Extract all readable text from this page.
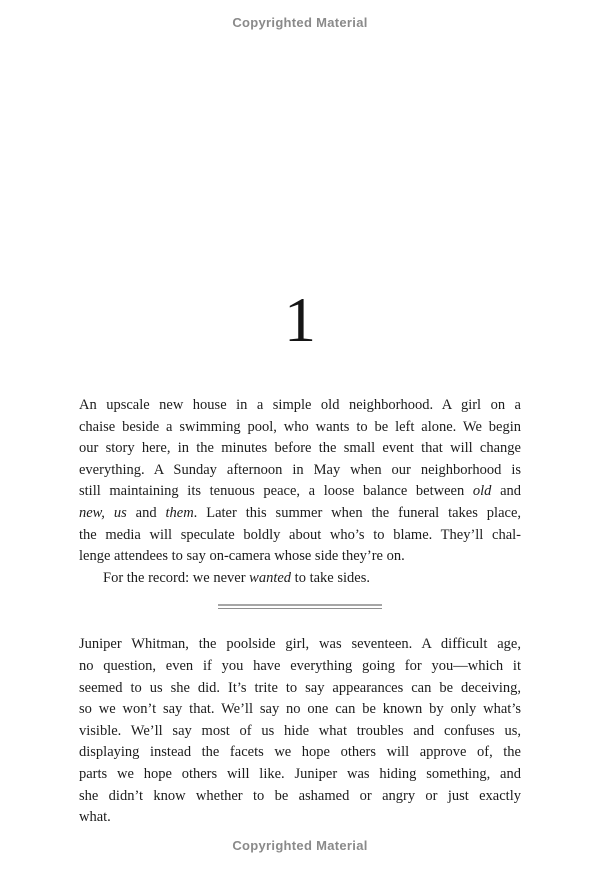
Copyrighted Material
1
An upscale new house in a simple old neighborhood. A girl on a
chaise beside a swimming pool, who wants to be left alone. We begin
our story here, in the minutes before the small event that will change
everything. A Sunday afternoon in May when our neighborhood is
still maintaining its tenuous peace, a loose balance between old and
new, us and them. Later this summer when the funeral takes place,
the media will speculate boldly about who’s to blame. They’ll chal-
lenge attendees to say on-camera whose side they’re on.
For the record: we never wanted to take sides.
Juniper Whitman, the poolside girl, was seventeen. A difficult age,
no question, even if you have everything going for you—which it
seemed to us she did. It’s trite to say appearances can be deceiving,
so we won’t say that. We’ll say no one can be known by only what’s
visible. We’ll say most of us hide what troubles and confuses us,
displaying instead the facets we hope others will approve of, the
parts we hope others will like. Juniper was hiding something, and
she didn’t know whether to be ashamed or angry or just exactly
what.
Copyrighted Material
